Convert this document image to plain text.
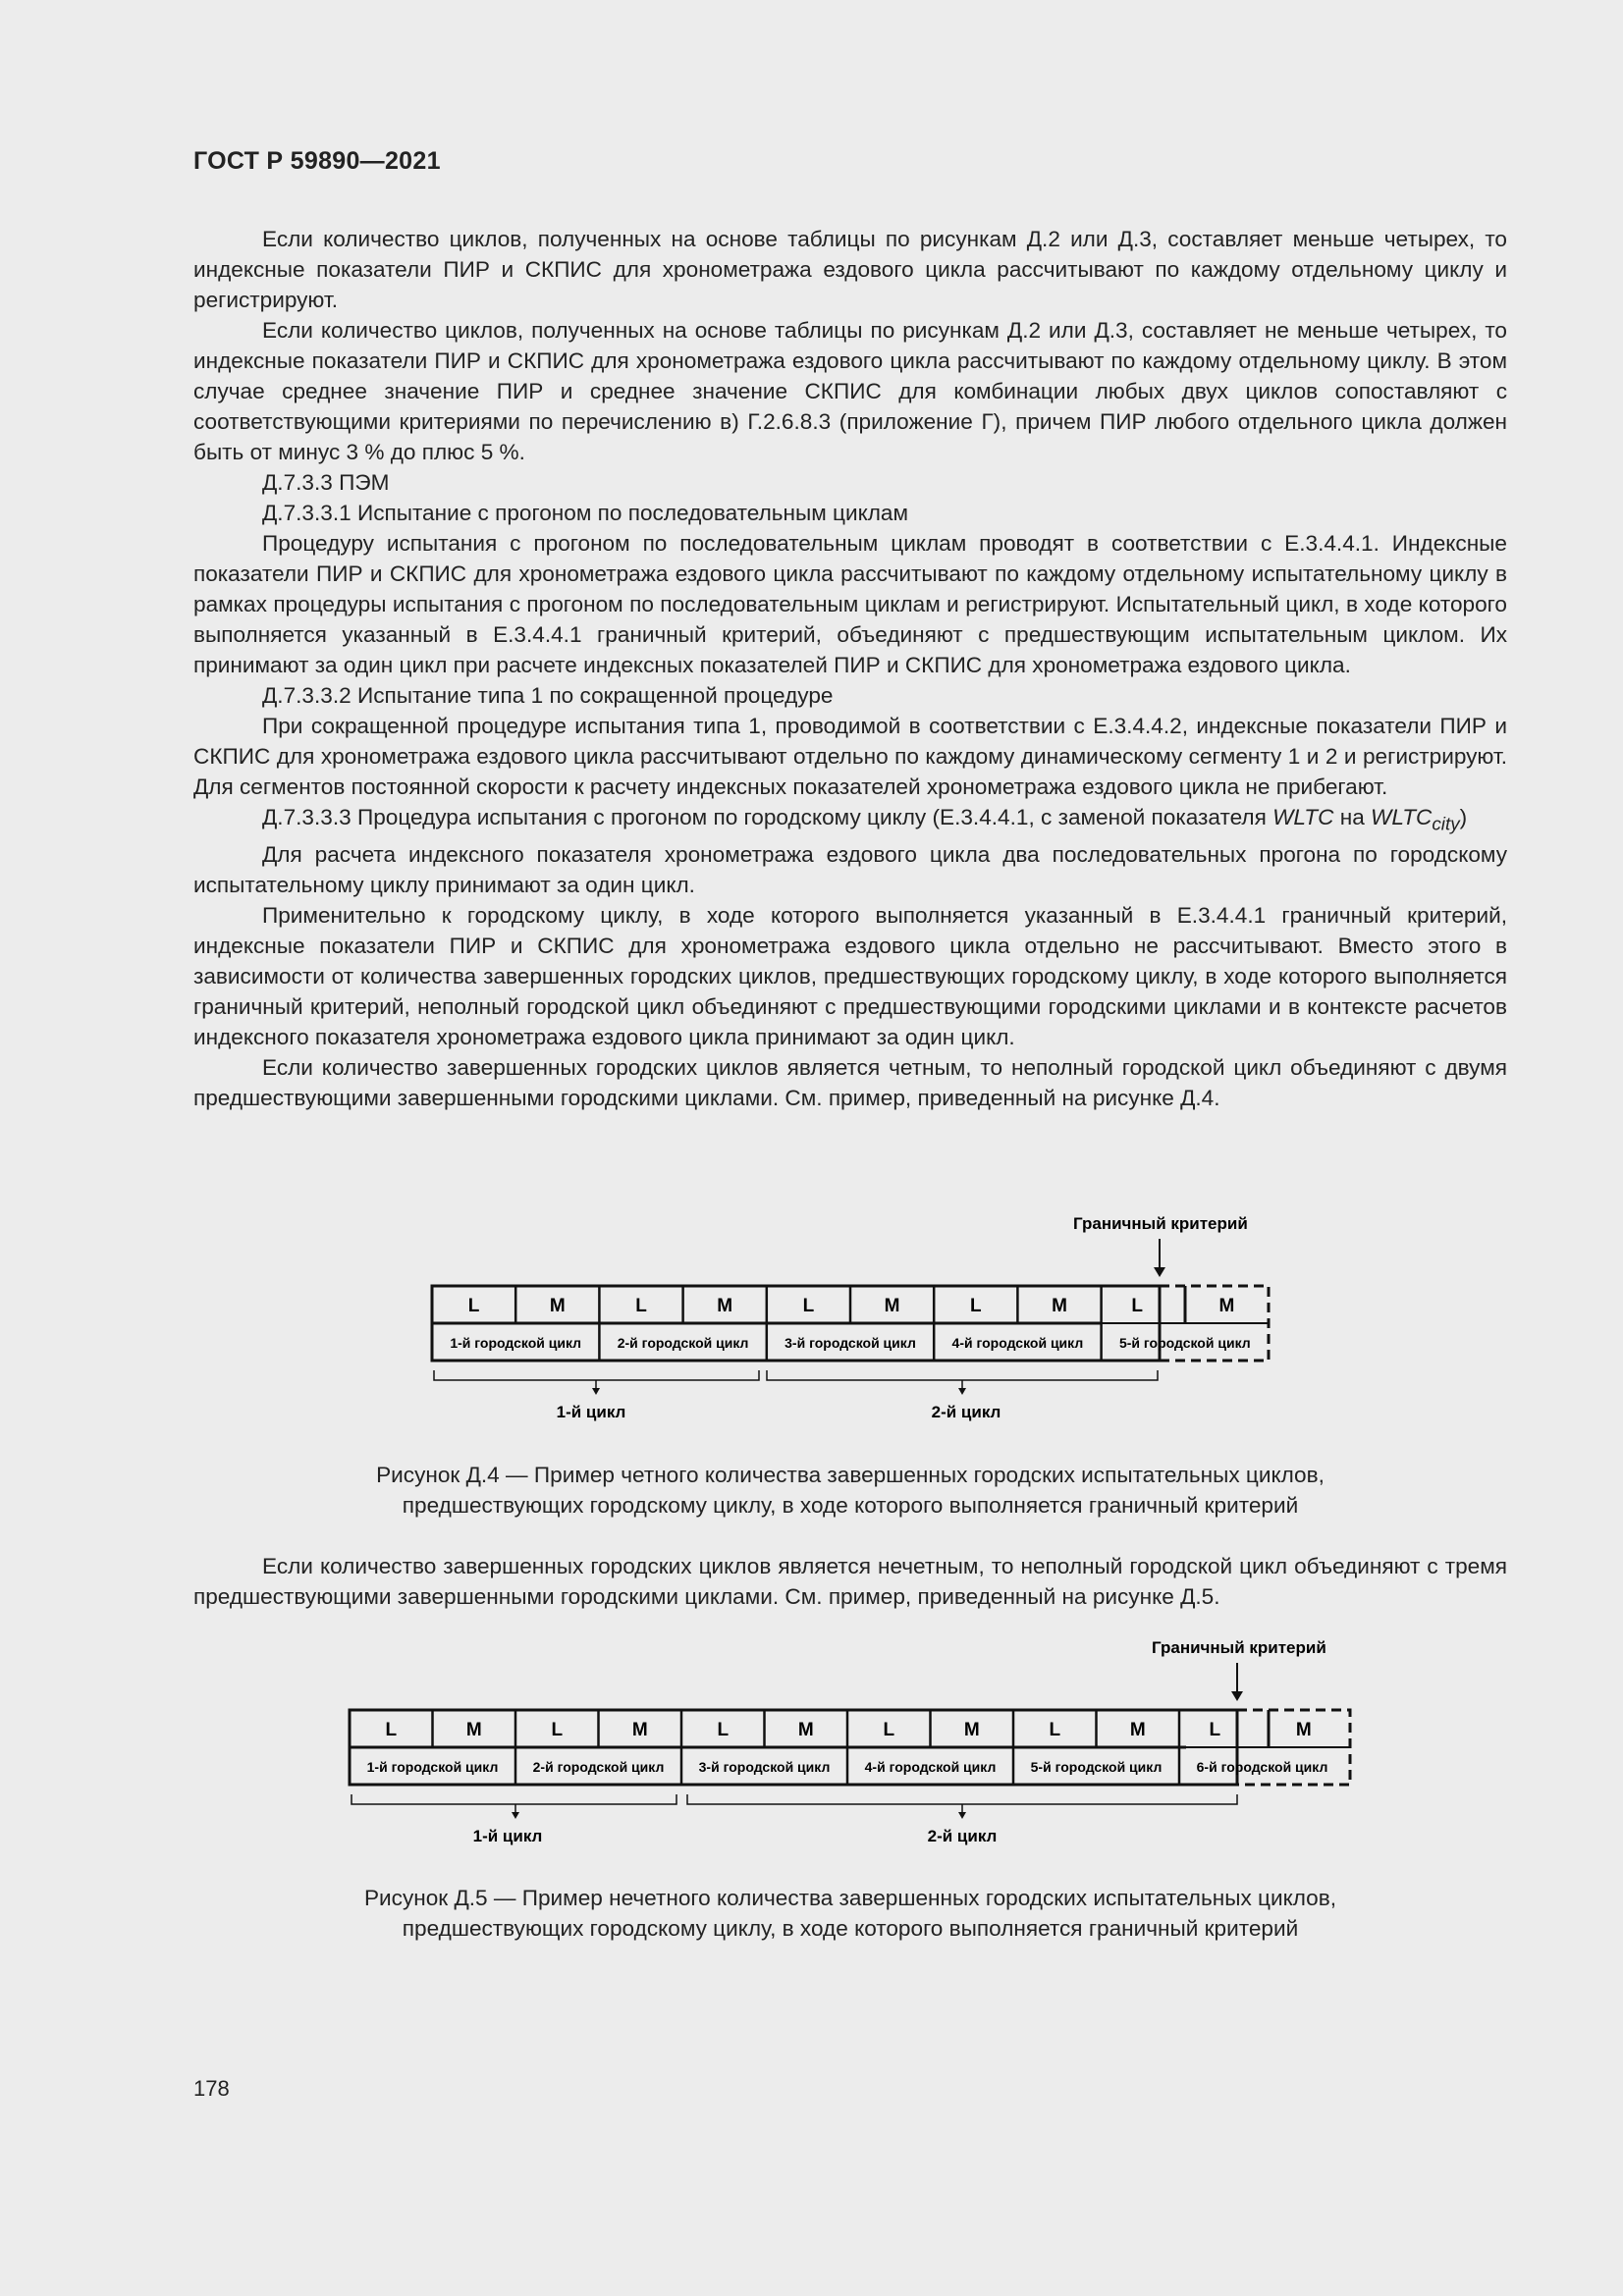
ГОСТ Р 59890—2021

Если количество циклов, полученных на основе таблицы по рисункам Д.2 или Д.3, составляет меньше четырех, то индексные показатели ПИР и СКПИС для хронометража ездового цикла рассчитывают по каждому отдельному циклу и регистрируют.

Если количество циклов, полученных на основе таблицы по рисункам Д.2 или Д.3, составляет не меньше четырех, то индексные показатели ПИР и СКПИС для хронометража ездового цикла рассчитывают по каждому отдельному циклу. В этом случае среднее значение ПИР и среднее значение СКПИС для комбинации любых двух циклов сопоставляют с соответствующими критериями по перечислению в) Г.2.6.8.3 (приложение Г), причем ПИР любого отдельного цикла должен быть от минус 3 % до плюс 5 %.

Д.7.3.3 ПЭМ

Д.7.3.3.1 Испытание с прогоном по последовательным циклам

Процедуру испытания с прогоном по последовательным циклам проводят в соответствии с Е.3.4.4.1. Индексные показатели ПИР и СКПИС для хронометража ездового цикла рассчитывают по каждому отдельному испытательному циклу в рамках процедуры испытания с прогоном по последовательным циклам и регистрируют. Испытательный цикл, в ходе которого выполняется указанный в Е.3.4.4.1 граничный критерий, объединяют с предшествующим испытательным циклом. Их принимают за один цикл при расчете индексных показателей ПИР и СКПИС для хронометража ездового цикла.

Д.7.3.3.2 Испытание типа 1 по сокращенной процедуре

При сокращенной процедуре испытания типа 1, проводимой в соответствии с Е.3.4.4.2, индексные показатели ПИР и СКПИС для хронометража ездового цикла рассчитывают отдельно по каждому динамическому сегменту 1 и 2 и регистрируют. Для сегментов постоянной скорости к расчету индексных показателей хронометража ездового цикла не прибегают.

Д.7.3.3.3 Процедура испытания с прогоном по городскому циклу (Е.3.4.4.1, с заменой показателя WLTC на $WLTC_{city}$)

Для расчета индексного показателя хронометража ездового цикла два последовательных прогона по городскому испытательному циклу принимают за один цикл.

Применительно к городскому циклу, в ходе которого выполняется указанный в Е.3.4.4.1 граничный критерий, индексные показатели ПИР и СКПИС для хронометража ездового цикла отдельно не рассчитывают. Вместо этого в зависимости от количества завершенных городских циклов, предшествующих городскому циклу, в ходе которого выполняется граничный критерий, неполный городской цикл объединяют с предшествующими городскими циклами и в контексте расчетов индексного показателя хронометража ездового цикла принимают за один цикл.

Если количество завершенных городских циклов является четным, то неполный городской цикл объединяют с двумя предшествующими завершенными городскими циклами. См. пример, приведенный на рисунке Д.4.

Граничный критерий
L	M	L	M	L	M	L	M	L	M
1-й городской цикл	2-й городской цикл	3-й городской цикл	4-й городской цикл	5-й городской цикл
1-й цикл	2-й цикл
Рисунок Д.4 — Пример четного количества завершенных городских испытательных циклов,
предшествующих городскому циклу, в ходе которого выполняется граничный критерий

Если количество завершенных городских циклов является нечетным, то неполный городской цикл объединяют с тремя предшествующими завершенными городскими циклами. См. пример, приведенный на рисунке Д.5.

Граничный критерий
L	M	L	M	L	M	L	M	L	M	L	M
1-й городской цикл	2-й городской цикл	3-й городской цикл	4-й городской цикл	5-й городской цикл	6-й городской цикл
1-й цикл	2-й цикл
Рисунок Д.5 — Пример нечетного количества завершенных городских испытательных циклов,
предшествующих городскому циклу, в ходе которого выполняется граничный критерий
178
